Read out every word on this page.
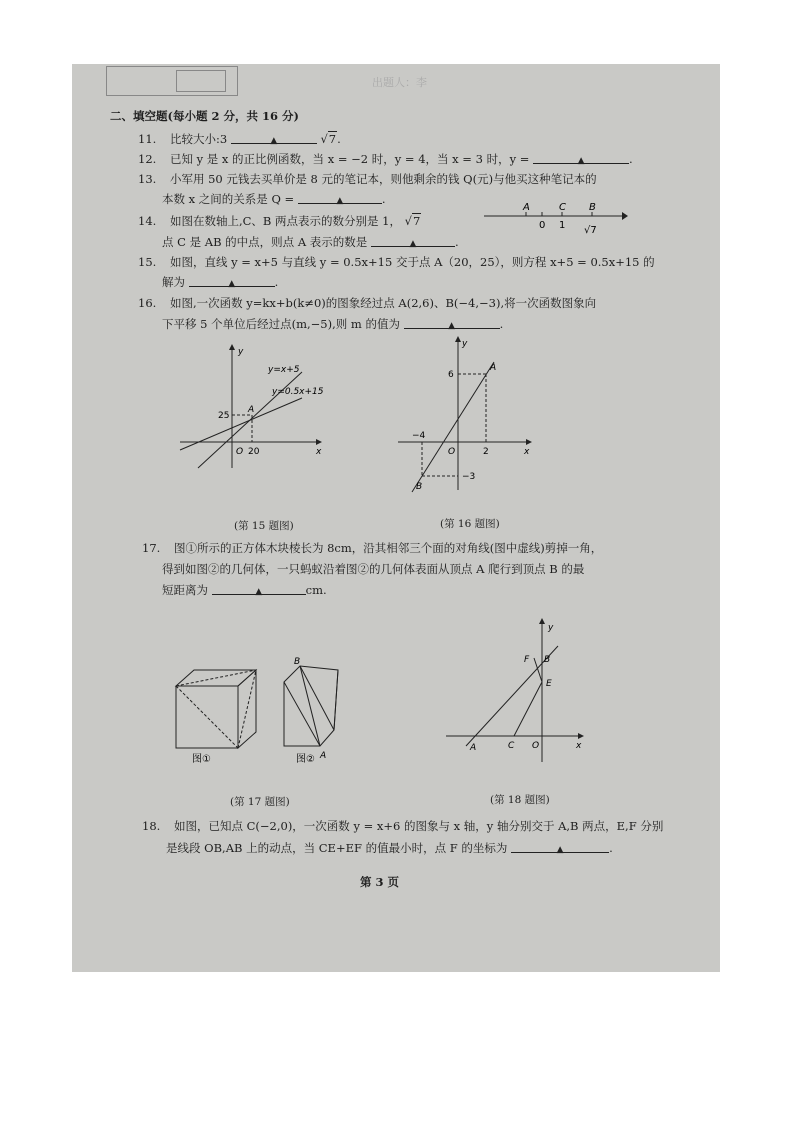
出题人：李
二、填空题(每小题 2 分，共 16 分)
11. 比较大小:3	▲	√7.
12. 已知 y 是 x 的正比例函数，当 x = −2 时，y = 4，当 x = 3 时，y =	▲	.
13. 小军用 50 元钱去买单价是 8 元的笔记本，则他剩余的钱 Q(元)与他买这种笔记本的
本数 x 之间的关系是 Q =	▲	.
14. 如图在数轴上,C、B 两点表示的数分别是 1， √7
点 C 是 AB 的中点，则点 A 表示的数是	▲	.
A	C B
0 1 √7
15. 如图，直线 y = x+5 与直线 y = 0.5x+15 交于点 A（20，25），则方程 x+5 = 0.5x+15 的
解为	▲	.
16. 如图,一次函数 y=kx+b(k≠0)的图象经过点 A(2,6)、B(−4,−3),将一次函数图象向
下平移 5 个单位后经过点(m,−5),则 m 的值为	▲	.
y
x
O
A
25
20
y=x+5
y=0.5x+15
y
x
O
A
B
6
2
−4
−3
(第 15 题图)	(第 16 题图)
17. 图①所示的正方体木块棱长为 8cm，沿其相邻三个面的对角线(图中虚线)剪掉一角，
得到如图②的几何体，一只蚂蚁沿着图②的几何体表面从顶点 A 爬行到顶点 B 的最
短距离为	▲	cm.
B
A
图①	图②
y
x
O
A
B
C
E
F
(第 17 题图)	(第 18 题图)
18. 如图，已知点 C(−2,0)，一次函数 y = x+6 的图象与 x 轴，y 轴分别交于 A,B 两点，E,F 分别
是线段 OB,AB 上的动点，当 CE+EF 的值最小时，点 F 的坐标为	▲	.
第 3 页
